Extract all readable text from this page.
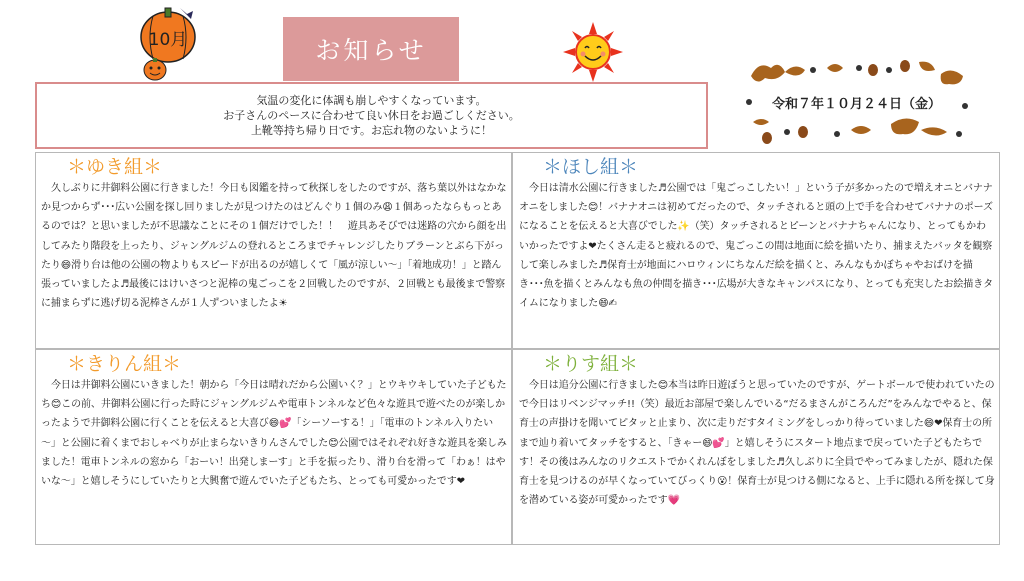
10月	お知らせ
気温の変化に体調も崩しやすくなっています。
お子さんのペースに合わせて良い休日をお過ごしください。
上靴等持ち帰り日です。お忘れ物のないように！
令和７年１０月２４日（金）
＊ゆき組＊

久しぶりに井御料公園に行きました！今日も図鑑を持って秋探しをしたのですが、落ち葉以外はなかなか見つからず･･･広い公園を探し回りましたが見つけたのはどんぐり１個のみ😩１個あったならもっとあるのでは？と思いましたが不思議なことにその１個だけでした！！　遊具あそびでは迷路の穴から顔を出してみたり階段を上ったり、ジャングルジムの登れるところまでチャレンジしたりブラーンとぶら下がったり😄滑り台は他の公園の物よりもスピードが出るのが嬉しくて「風が涼しい～」「着地成功！」と踏ん張っていましたよ♬最後にはけいさつと泥棒の鬼ごっこを２回戦したのですが、２回戦とも最後まで警察に捕まらずに逃げ切る泥棒さんが１人ずついましたよ☀

＊ほし組＊

今日は清水公園に行きました♬公園では「鬼ごっこしたい！」という子が多かったので増えオニとバナナオニをしました😊！バナナオニは初めてだったので、タッチされると頭の上で手を合わせてバナナのポーズになることを伝えると大喜びでした✨（笑）タッチされるとピーンとバナナちゃんになり、とってもかわいかったですよ❤たくさん走ると疲れるので、鬼ごっこの間は地面に絵を描いたり、捕まえたバッタを観察して楽しみました♬保育士が地面にハロウィンにちなんだ絵を描くと、みんなもかぼちゃやおばけを描き･･･魚を描くとみんなも魚の仲間を描き･･･広場が大きなキャンパスになり、とっても充実したお絵描きタイムになりました😄✍

＊きりん組＊

今日は井御料公園にいきました！朝から「今日は晴れだから公園いく？」とウキウキしていた子どもたち😊この前、井御料公園に行った時にジャングルジムや電車トンネルなど色々な遊具で遊べたのが楽しかったようで井御料公園に行くことを伝えると大喜び😄💕「シーソーする！」「電車のトンネル入りたい～」と公園に着くまでおしゃべりが止まらないきりんさんでした😊公園ではそれぞれ好きな遊具を楽しみました！電車トンネルの窓から「おーい！出発しまーす」と手を振ったり、滑り台を滑って「わぁ！はやいな～」と嬉しそうにしていたりと大興奮で遊んでいた子どもたち、とっても可愛かったです❤

＊りす組＊

今日は追分公園に行きました😊本当は昨日遊ぼうと思っていたのですが、ゲートボールで使われていたので今日はリベンジマッチ!!（笑）最近お部屋で楽しんでいる“だるまさんがころんだ”をみんなでやると、保育士の声掛けを聞いてピタッと止まり、次に走りだすタイミングをしっかり待っていました😄❤保育士の所まで辿り着いてタッチをすると、「きゃー😄💕」と嬉しそうにスタート地点まで戻っていた子どもたちです！その後はみんなのリクエストでかくれんぼをしました♬久しぶりに全員でやってみましたが、隠れた保育士を見つけるのが早くなっていてびっくり😮！保育士が見つける側になると、上手に隠れる所を探して身を潜めている姿が可愛かったです💗
